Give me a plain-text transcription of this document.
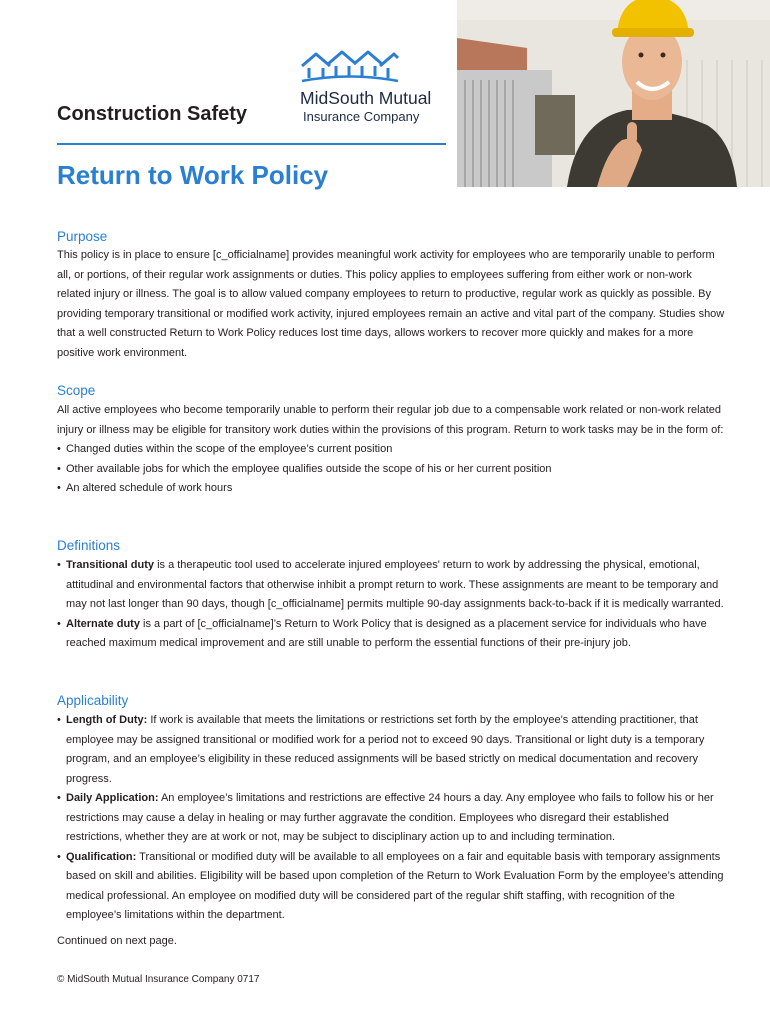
Construction Safety
MidSouth Mutual
Insurance Company
Return to Work Policy
Purpose

This policy is in place to ensure [c_officialname] provides meaningful work activity for employees who are temporarily unable to perform all, or portions, of their regular work assignments or duties. This policy applies to employees suffering from either work or non-work related injury or illness. The goal is to allow valued company employees to return to productive, regular work as quickly as possible. By providing temporary transitional or modified work activity, injured employees remain an active and vital part of the company. Studies show that a well constructed Return to Work Policy reduces lost time days, allows workers to recover more quickly and makes for a more positive work environment.

Scope

All active employees who become temporarily unable to perform their regular job due to a compensable work related or non-work related injury or illness may be eligible for transitory work duties within the provisions of this program. Return to work tasks may be in the form of:

• Changed duties within the scope of the employee’s current position
• Other available jobs for which the employee qualifies outside the scope of his or her current position
• An altered schedule of work hours
Definitions
• Transitional duty is a therapeutic tool used to accelerate injured employees' return to work by addressing the physical, emotional, attitudinal and environmental factors that otherwise inhibit a prompt return to work. These assignments are meant to be temporary and may not last longer than 90 days, though [c_officialname] permits multiple 90-day assignments back-to-back if it is medically warranted.
• Alternate duty is a part of [c_officialname]’s Return to Work Policy that is designed as a placement service for individuals who have reached maximum medical improvement and are still unable to perform the essential functions of their pre-injury job.
Applicability
• Length of Duty: If work is available that meets the limitations or restrictions set forth by the employee’s attending practitioner, that employee may be assigned transitional or modified work for a period not to exceed 90 days. Transitional or light duty is a temporary program, and an employee’s eligibility in these reduced assignments will be based strictly on medical documentation and recovery progress.
• Daily Application: An employee’s limitations and restrictions are effective 24 hours a day. Any employee who fails to follow his or her restrictions may cause a delay in healing or may further aggravate the condition. Employees who disregard their established restrictions, whether they are at work or not, may be subject to disciplinary action up to and including termination.
• Qualification: Transitional or modified duty will be available to all employees on a fair and equitable basis with temporary assignments based on skill and abilities. Eligibility will be based upon completion of the Return to Work Evaluation Form by the employee’s attending medical professional. An employee on modified duty will be considered part of the regular shift staffing, with recognition of the employee’s limitations within the department.
Continued on next page.
© MidSouth Mutual Insurance Company 0717
